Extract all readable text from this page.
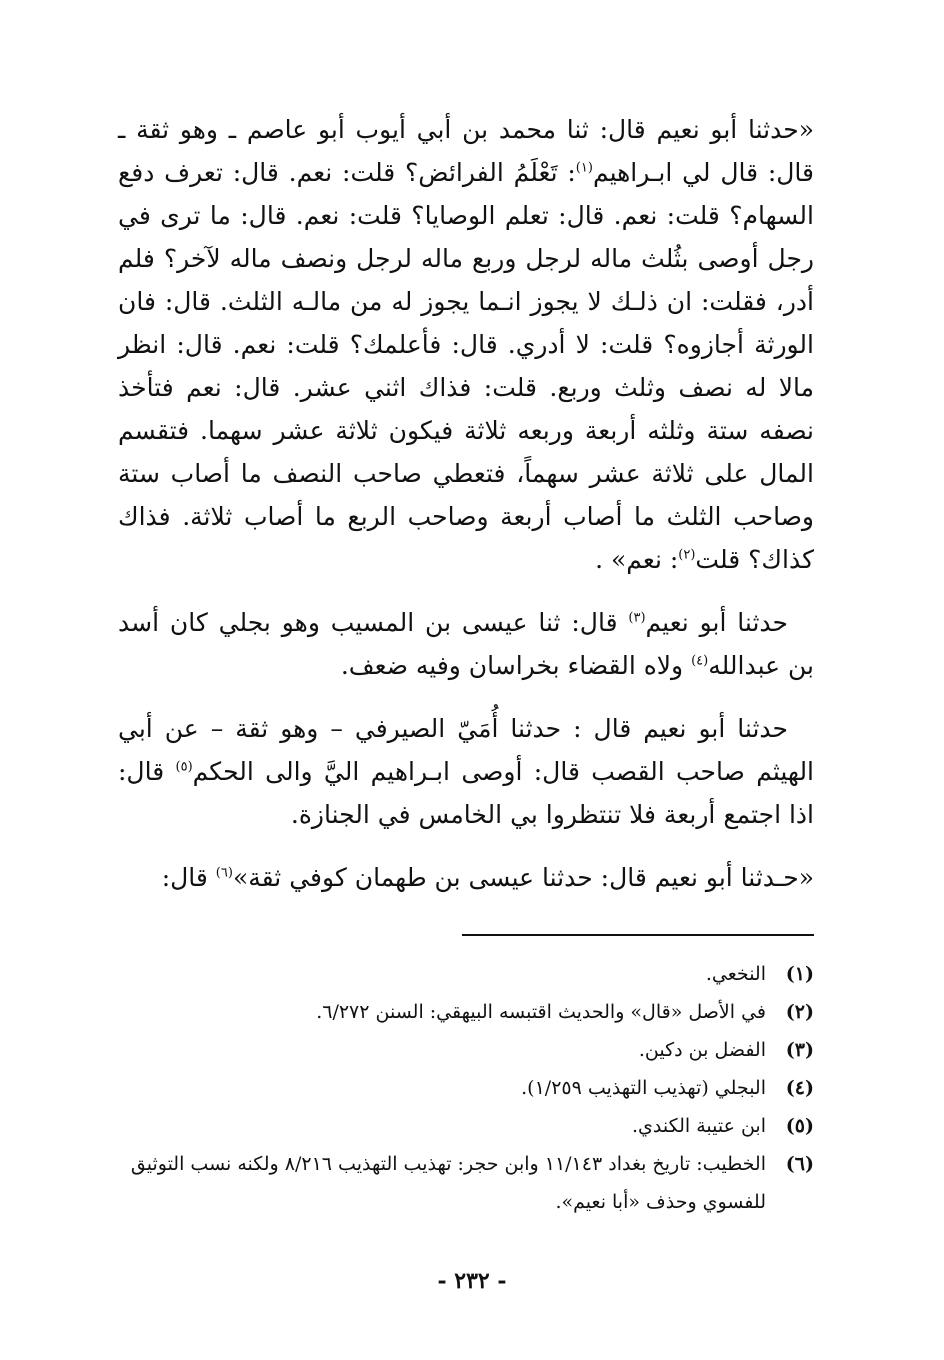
«حدثنا أبو نعيم قال: ثنا محمد بن أبي أيوب أبو عاصم ـ وهو ثقة ـ قال: قال لي ابـراهيم$^{(١)}$: تَعْلَمُ الفرائض؟ قلت: نعم. قال: تعرف دفع السهام؟ قلت: نعم. قال: تعلم الوصايا؟ قلت: نعم. قال: ما ترى في رجل أوصى بثُلث ماله لرجل وربع ماله لرجل ونصف ماله لآخر؟ فلم أدر، فقلت: ان ذلـك لا يجوز انـما يجوز له من مالـه الثلث. قال: فان الورثة أجازوه؟ قلت: لا أدري. قال: فأعلمك؟ قلت: نعم. قال: انظر مالا له نصف وثلث وربع. قلت: فذاك اثني عشر. قال: نعم فتأخذ نصفه ستة وثلثه أربعة وربعه ثلاثة فيكون ثلاثة عشر سهما. فتقسم المال على ثلاثة عشر سهماً، فتعطي صاحب النصف ما أصاب ستة وصاحب الثلث ما أصاب أربعة وصاحب الربع ما أصاب ثلاثة. فذاك كذاك؟ قلت$^{(٢)}$: نعم» .

حدثنا أبو نعيم$^{(٣)}$ قال: ثنا عيسى بن المسيب وهو بجلي كان أسد بن عبدالله$^{(٤)}$ ولاه القضاء بخراسان وفيه ضعف.

حدثنا أبو نعيم قال : حدثنا أُمَيّ الصيرفي – وهو ثقة – عن أبي الهيثم صاحب القصب قال: أوصى ابـراهيم اليَّ والى الحكم$^{(٥)}$ قال: اذا اجتمع أربعة فلا تنتظروا بي الخامس في الجنازة.

«حـدثنا أبو نعيم قال: حدثنا عيسى بن طهمان كوفي ثقة»$^{(٦)}$ قال:

(١)
النخعي.
(٢)
في الأصل «قال» والحديث اقتبسه البيهقي: السنن ٦/٢٧٢.
(٣)
الفضل بن دكين.
(٤)
البجلي (تهذيب التهذيب ١/٢٥٩).
(٥)
ابن عتيبة الكندي.
(٦)
الخطيب: تاريخ بغداد ١١/١٤٣ وابن حجر: تهذيب التهذيب ٨/٢١٦ ولكنه نسب التوثيق للفسوي وحذف «أبا نعيم».
- ٢٣٢ -
